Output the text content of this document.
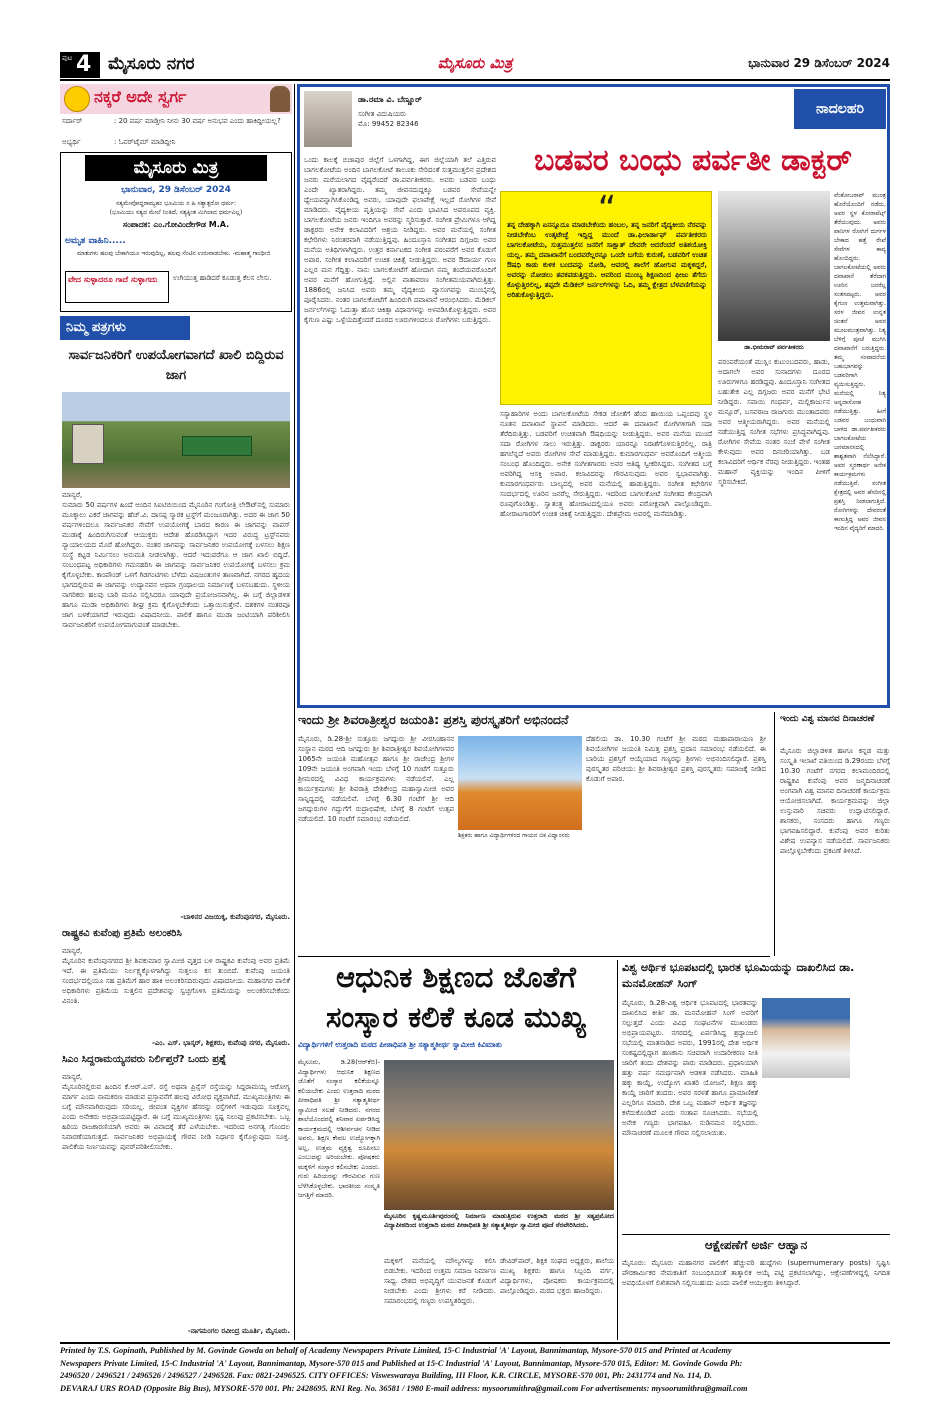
ಪುಟ 4 ಮೈಸೂರು ನಗರ	ಮೈಸೂರು ಮಿತ್ರ	ಭಾನುವಾರ 29 ಡಿಸೆಂಬರ್ 2024
ನಕ್ಕರೆ ಅದೇ ಸ್ವರ್ಗ
ಸರ್ದಾರ್	: 20 ವರ್ಷ ಮಾಡ್ತೀನಿ ನೀನು 30 ವರ್ಷ ಅನುಭವ ಎಂದು ಹಾಕಿದ್ದೀಯಲ್ಲ?
ಅಭ್ಯರ್ಥಿ	: ಓವರ್‌ಟೈಮ್ ಮಾಡಿದ್ದೀನಿ
ಮೈಸೂರು ಮಿತ್ರ
ಭಾನುವಾರ, 29 ಡಿಸೆಂಬರ್ 2024
ಸತ್ಯಮೇವೋದ್ಧರಾಮ್ಯಹಂ ಭೂಮಿಯ ನ ಹಿ ಸತ್ಯಾತ್ಪರೋ ಧರ್ಮ:
(ಭೂಮಿಯು ಸತ್ಯದ ಮೇಲೆ ನಿಂತಿದೆ, ಸತ್ಯಕ್ಕಿಂತ ಮಿಗಿಲಾದ ಧರ್ಮವಿಲ್ಲ)
ಸಂಪಾದಕ: ಎಂ.ಗೋವಿಂದೇಗೌಡ M.A.
ಅಮೃತ ವಾಹಿನಿ.....
ಮಾತುಗಳು ಹಲವು ಬೇಕಾಗಿಯೂ ಇರುವುದಿಲ್ಲ, ಹಲವು ಸೆಂಟಿನ ಉರುವಾಡಬೇಕು. -ಮಹಾತ್ಮ ಗಾಂಧೀಜಿ
ವೇದ ಸುಳ್ಳಾದರೂ ಗಾದೆ ಸುಳ್ಳಾಗದು	ಉಗಿಯುತ್ತ ಹಾಡಿದರೆ ಕೂಡುತ್ತ ಕೆಲಸ ಲೇಸು.
ನಿಮ್ಮ ಪತ್ರಗಳು
ಸಾರ್ವಜನಿಕರಿಗೆ ಉಪಯೋಗವಾಗದೆ ಖಾಲಿ ಬಿದ್ದಿರುವ ಜಾಗ
ಮಾನ್ಯರೆ,
ಸುಮಾರು 50 ವರ್ಷಗಳ ಹಿಂದೆ ಅಂದಿನ ಸಿಐಟಿಬಿಯಿಂದ ಮೈಸೂರಿನ ಗಂಗೋತ್ರಿ ಲೇಔಟ್‌ನಲ್ಲಿ ಸುಮಾರು ಮೂಕ್ಕಾಲು ಎಕರೆ ಜಾಗವನ್ನು ಹೆಚ್.ವಿ. ದಾಸಪ್ಪ ಸ್ಮಾರಕ ಟ್ರಸ್ಟ್‌ಗೆ ಮಂಜೂರಾಗಿತ್ತು. ಅದರ ಈ ಜಾಗ 50 ವರ್ಷಗಳಿಂದಲೂ ಸಾರ್ವಜನಿಕರ ಸೇವೆಗೆ ಉಪಯೋಗಕ್ಕೆ ಬಾರದ ಕಾರಣ ಈ ಜಾಗವನ್ನು ವಾಪಸ್ ಮುಡಾಕ್ಕೆ ಹಿಂದಿರುಗಿಸುವಂತೆ ಆಯುಕ್ತರು ಆದೇಶ ಹೊರಡಿಸಿದ್ದಾಗ ಇದರ ವಿರುದ್ಧ ಟ್ರಸ್ಟ್‌ನವರು ನ್ಯಾಯಾಲಯದ ಮೊರೆ ಹೋಗಿದ್ದರು. ನಂತರ ಜಾಗವನ್ನು ಸಾರ್ವಜನಿಕರ ಉಪಯೋಗಕ್ಕೆ ಬಳಸಲು ಶಿಕ್ಷಣ ಸಂಸ್ಥೆ ಕಟ್ಟಡ ನಿರ್ಮಿಸಲು ಅನುಮತಿ ನೀಡಲಾಗಿತ್ತು. ಆದರೆ ಇದುವರೆಗೂ ಆ ಜಾಗ ಖಾಲಿ ಬಿದ್ದಿದೆ. ಸಂಬಂಧಪಟ್ಟ ಅಧಿಕಾರಿಗಳು ಗಮನಹರಿಸಿ ಈ ಜಾಗವನ್ನು ಸಾರ್ವಜನಿಕರ ಉಪಯೋಗಕ್ಕೆ ಬಳಸಲು ಕ್ರಮ ಕೈಗೊಳ್ಳಬೇಕು. ಕಾಂಪೌಂಡ್ ಒಳಗೆ ಗಿಡಗಂಟಿಗಳು ಬೆಳೆದು ವಿಷಜಂತುಗಳ ತಾಣವಾಗಿದೆ. ನಗರದ ಹೃದಯ ಭಾಗದಲ್ಲಿರುವ ಈ ಜಾಗವನ್ನು ಉದ್ಯಾನವನ ಅಥವಾ ಗ್ರಂಥಾಲಯ ನಿರ್ಮಾಣಕ್ಕೆ ಬಳಸಬಹುದು. ಸ್ಥಳೀಯ ನಾಗರಿಕರು ಹಲವು ಬಾರಿ ಮನವಿ ಸಲ್ಲಿಸಿದರೂ ಯಾವುದೇ ಪ್ರಯೋಜನವಾಗಿಲ್ಲ. ಈ ಬಗ್ಗೆ ಜಿಲ್ಲಾಡಳಿತ ಹಾಗೂ ಮುಡಾ ಅಧಿಕಾರಿಗಳು ಶೀಘ್ರ ಕ್ರಮ ಕೈಗೊಳ್ಳಬೇಕೆಂದು ಒತ್ತಾಯಿಸುತ್ತೇನೆ. ದಶಕಗಳ ನಂತರವೂ ಜಾಗ ಬಳಕೆಯಾಗದೆ ಇರುವುದು ವಿಷಾದನೀಯ. ಪಾಲಿಕೆ ಹಾಗೂ ಮುಡಾ ಜಂಟಿಯಾಗಿ ಪರಿಶೀಲಿಸಿ ಸಾರ್ವಜನಿಕರಿಗೆ ಉಪಯೋಗವಾಗುವಂತೆ ಮಾಡಬೇಕು.
-ಬಾಳಿನರ ವಿಜಯಿಕ್ಕ, ಕುವೆಂಪುನಗರ, ಮೈಸೂರು.
ರಾಷ್ಟ್ರಕವಿ ಕುವೆಂಪು ಪ್ರತಿಮೆ ಅಲಂಕರಿಸಿ
ಮಾನ್ಯರೆ,
ಮೈಸೂರಿನ ಕುವೆಂಪುನಗರದ ಶ್ರೀ ಶಿವಕುಮಾರ ಸ್ವಾಮೀಜಿ ವೃತ್ತದ ಬಳಿ ರಾಷ್ಟ್ರಕವಿ ಕುವೆಂಪು ಅವರ ಪ್ರತಿಮೆ ಇದೆ. ಈ ಪ್ರತಿಮೆಯು ನಿರ್ಲಕ್ಷ್ಯಕ್ಕೊಳಗಾಗಿದ್ದು ಸುತ್ತಲೂ ಕಸ ತುಂಬಿದೆ. ಕುವೆಂಪು ಜಯಂತಿ ಸಂದರ್ಭದಲ್ಲಿಯೂ ಸಹ ಪ್ರತಿಮೆಗೆ ಹಾರ ಹಾಕಿ ಅಲಂಕರಿಸದಿರುವುದು ವಿಷಾದನೀಯ. ಮಹಾನಗರ ಪಾಲಿಕೆ ಅಧಿಕಾರಿಗಳು ಪ್ರತಿಮೆಯ ಸುತ್ತಲಿನ ಪ್ರದೇಶವನ್ನು ಸ್ವಚ್ಛಗೊಳಿಸಿ ಪ್ರತಿಮೆಯನ್ನು ಅಲಂಕರಿಸಬೇಕೆಂದು ವಿನಂತಿ.
-ಎಂ. ಎಸ್. ಭಾಸ್ಕರ್, ಶಿಕ್ಷಕರು, ಕುವೆಂಪು ನಗರ, ಮೈಸೂರು.
ಸಿಎಂ ಸಿದ್ದರಾಮಯ್ಯನವರು ನಿರ್ಲಿಪ್ತರೆ? ಒಂದು ಪ್ರಶ್ನೆ
ಮಾನ್ಯರೆ,
ಮೈಸೂರಿನಲ್ಲಿರುವ ಹಿಂದಿನ ಕೆ.ಆರ್.ಎಸ್. ರಸ್ತೆ ಅಥವಾ ಪ್ರಿನ್ಸೆಸ್ ರಸ್ತೆಯನ್ನು ಸಿದ್ದರಾಮಯ್ಯ ಆರೋಗ್ಯ ಮಾರ್ಗ ಎಂದು ನಾಮಕರಣ ಮಾಡುವ ಪ್ರಸ್ತಾವನೆಗೆ ಹಲವು ವಿರೋಧ ವ್ಯಕ್ತವಾಗಿದೆ. ಮುಖ್ಯಮಂತ್ರಿಗಳು ಈ ಬಗ್ಗೆ ಮೌನವಾಗಿರುವುದು ಸರಿಯಲ್ಲ. ಜೀವಂತ ವ್ಯಕ್ತಿಗಳ ಹೆಸರನ್ನು ರಸ್ತೆಗಳಿಗೆ ಇಡುವುದು ಸೂಕ್ತವಲ್ಲ ಎಂದು ಅನೇಕರು ಅಭಿಪ್ರಾಯಪಟ್ಟಿದ್ದಾರೆ. ಈ ಬಗ್ಗೆ ಮುಖ್ಯಮಂತ್ರಿಗಳು ಸ್ಪಷ್ಟ ನಿಲುವು ಪ್ರಕಟಿಸಬೇಕು. ಒಬ್ಬ ಹಿರಿಯ ರಾಜಕಾರಣಿಯಾಗಿ ಅವರು ಈ ವಿವಾದಕ್ಕೆ ತೆರೆ ಎಳೆಯಬೇಕು. ಇದರಿಂದ ಅನಗತ್ಯ ಗೊಂದಲ ನಿವಾರಣೆಯಾಗುತ್ತದೆ. ಸಾರ್ವಜನಿಕರ ಅಭಿಪ್ರಾಯಕ್ಕೆ ಗೌರವ ನೀಡಿ ನಿರ್ಧಾರ ಕೈಗೊಳ್ಳುವುದು ಸೂಕ್ತ. ಪಾಲಿಕೆಯ ನಿರ್ಣಯವನ್ನು ಪುನರ್‌ಪರಿಶೀಲಿಸಬೇಕು.
-ನಾಗಮಂಗಲ ರವೀಂದ್ರ ಮೂರ್ತಿ, ಮೈಸೂರು.
ಡಾ.ರಮಾ ವಿ. ಬೆಣ್ಣೂರ್
ಸಂಗೀತ ವಿದುಷಿಯರು
ಮೊ: 99452 82346
ನಾದಲಹರಿ
ಬಡವರ ಬಂಧು ಪರ್ವತೀ ಡಾಕ್ಟರ್
ಒಂದು ಕಾಲಕ್ಕೆ ಬಿಜಾಪುರ ಜಿಲ್ಲೆಗೆ ಒಳಗಾಗಿದ್ದ, ಈಗ ಜಿಲ್ಲೆಯಾಗಿ ತಲೆ ಎತ್ತಿರುವ ಬಾಗಲಕೋಟೆಯ ಅಂದಿನ ಬಾಗಲಕೋಟೆ ತಾಲೂಕು ಸೇರಿದಂತೆ ಸುತ್ತಮುತ್ತಲಿನ ಪ್ರದೇಶದ ಜನರು ಮರೆಯಲಾಗದ ವೈದ್ಯರೆಂದರೆ ಡಾ.ಪರ್ವತೀಕರರು. ಅವರು ಬಡವರ ಬಂಧು ಎಂದೇ ಖ್ಯಾತರಾಗಿದ್ದರು. ತಮ್ಮ ಜೀವನದುದ್ದಕ್ಕೂ ಬಡವರ ಸೇವೆಯನ್ನೇ ಧ್ಯೇಯವನ್ನಾಗಿಸಿಕೊಂಡಿದ್ದ ಅವರು, ಯಾವುದೇ ಫಲಾಪೇಕ್ಷೆ ಇಲ್ಲದೆ ರೋಗಿಗಳ ಸೇವೆ ಮಾಡಿದರು. ವೈದ್ಯಕೀಯ ವೃತ್ತಿಯನ್ನು ಸೇವೆ ಎಂದು ಭಾವಿಸಿದ ಅಪರೂಪದ ವ್ಯಕ್ತಿ. ಬಾಗಲಕೋಟೆಯ ಜನರು ಇಂದಿಗೂ ಅವರನ್ನು ಸ್ಮರಿಸುತ್ತಾರೆ. ಸಂಗೀತ ಪ್ರೇಮಿಗಳೂ ಆಗಿದ್ದ ಡಾಕ್ಟರರು ಅನೇಕ ಕಲಾವಿದರಿಗೆ ಆಶ್ರಯ ನೀಡಿದ್ದರು. ಅವರ ಮನೆಯಲ್ಲಿ ಸಂಗೀತ ಕಛೇರಿಗಳು ನಿರಂತರವಾಗಿ ನಡೆಯುತ್ತಿದ್ದವು. ಹಿಂದೂಸ್ತಾನಿ ಸಂಗೀತದ ದಿಗ್ಗಜರು ಅವರ ಮನೆಯ ಅತಿಥಿಗಳಾಗಿದ್ದರು. ಉತ್ತರ ಕರ್ನಾಟಕದ ಸಂಗೀತ ಪರಂಪರೆಗೆ ಅವರ ಕೊಡುಗೆ ಅಪಾರ. ಸಂಗೀತ ಕಲಾವಿದರಿಗೆ ಉಚಿತ ಚಿಕಿತ್ಸೆ ನೀಡುತ್ತಿದ್ದರು. ಅವರ ಔದಾರ್ಯ ಗುಣ ಎಲ್ಲರ ಮನ ಗೆದ್ದಿತ್ತು. ನಾನು ಬಾಗಲಕೋಟೆಗೆ ಹೋದಾಗ ನಮ್ಮ ತಂದೆಯವರೊಂದಿಗೆ ಅವರ ಮನೆಗೆ ಹೋಗುತ್ತಿದ್ದೆ. ಅಲ್ಲಿನ ವಾತಾವರಣ ಸಂಗೀತಮಯವಾಗಿರುತ್ತಿತ್ತು. 1886ರಲ್ಲಿ ಜನಿಸಿದ ಅವರು ತಮ್ಮ ವೈದ್ಯಕೀಯ ವ್ಯಾಸಂಗವನ್ನು ಮುಂಬೈನಲ್ಲಿ ಪೂರೈಸಿದರು. ನಂತರ ಬಾಗಲಕೋಟೆಗೆ ಹಿಂದಿರುಗಿ ದವಾಖಾನೆ ಆರಂಭಿಸಿದರು. ಮೆಡಿಕಲ್ ಜರ್ನಲ್‌ಗಳನ್ನು ಓದುತ್ತಾ ಹೊಸ ಚಿಕಿತ್ಸಾ ವಿಧಾನಗಳನ್ನು ಅಳವಡಿಸಿಕೊಳ್ಳುತ್ತಿದ್ದರು. ಅವರ ಕೈಗುಣ ಎಷ್ಟು ಒಳ್ಳೆಯದಿತ್ತೆಂದರೆ ದೂರದ ಊರುಗಳಿಂದಲೂ ರೋಗಿಗಳು ಬರುತ್ತಿದ್ದರು.
“
ತನ್ನ ದೇಹಕ್ಕಾಗಿ ಏನನ್ನೂದೂ ಮಾಡಬೇಕೆಂದು ಹಂಬಲ, ತನ್ನ ಜನರಿಗೆ ವೈದ್ಯಕೀಯ ನೆರವನ್ನು ನೀಡಬೇಕೆಂಬ ಉತ್ಕಟೇಚ್ಛೆ ಇದ್ದಿದ್ದ ಮುಂದೆ ಡಾ.ಫಿಲಾರ್ಡಾಫ್ ಪರ್ವತೀಕರರು ಬಾಗಲಕೋಟೆಯ, ಸುತ್ತಮುತ್ತಲಿನ ಜನರಿಗೆ ಸಾಕ್ಷಾತ್ ದೇವರೇ ಆದರೆಂದರೆ ಅತಿಶಯೋಕ್ತಿ ಯಲ್ಲ. ತಮ್ಮ ದವಾಖಾನೆಗೆ ಬಂದವರೆಲ್ಲರನ್ನೂ ಒಂದೇ ಬಗೆಯ ಕುರುಣೆ, ಬಡವರಿಗೆ ಉಚಿತ ಔಷಧಿ ಕಾಡು ಕುಳಿಕ ಬಂದವನ್ನು ನೋಡಿ, ಆವರಲ್ಲಿ ಶಾಲೆಗೆ ಹೋಗುವ ಮಕ್ಕಳಿದ್ದರೆ, ಅವರನ್ನು ನೋಡಲು ತವಕಪಡುತ್ತಿದ್ದರು. ಆವರಿಂದ ಮುಂಬ್ಯ ಶಿಕ್ಷಣದಿಂದ ಫೀಜು ತೆಗೆದು ಕೊಳ್ಳುತ್ತಿರಲಿಲ್ಲ, ತಪ್ಪದೇ ಮೆಡಿಕಲ್ ಜರ್ನಲ್‌ಗಳನ್ನು ಓದಿ, ತಮ್ಮ ಕ್ಷೇತ್ರದ ಬೆಳವಣಿಗೆಯನ್ನು ಅರಿತುಕೊಳ್ಳುತ್ತಿದ್ದರು.
ಡಾ.ಭೀಮರಾವ್ ಪರ್ವತೀಕರರು
ವೆಂಕೋಬರಾವ್ ಮುಂತ್ರ ಹೊರೆಯೊಂದಿಗೆ ನಡೆದು, ಅವರ ಸ್ಥಳ ಕೋರಾಪೆಟ್ಸ್ ತೆರೆಯುವುದು. ಅವರು ಪಾನಿಗಳ ರೋಗಿಗೆ ದುರ್ಗಳ ಬೇಕಾದ ಹತ್ತೆ ರೇಖೆ ಸೇವೆಗಳ ಕಾವ್ಯ ಹೊಂದಿದ್ದರು. ಬಾಗಲಕೋಟೆಯಲ್ಲಿ ಅವರು ದವಾಖಾನೆ ತೆರೆದಾಗ ಊರಿನ ಜನರೆಲ್ಲ ಸಂತಸಪಟ್ಟರು. ಅವರ ಕೈಗುಣ ಉತ್ತಮವಾಗಿತ್ತು. ಸರಳ ಜೀವನ ಉನ್ನತ ಚಿಂತನೆ ಅವರ ಮೂಲಮಂತ್ರವಾಗಿತ್ತು. ನಿತ್ಯ ಬೆಳಿಗ್ಗೆ ಪೂಜೆ ಮುಗಿಸಿ ದವಾಖಾನೆಗೆ ಬರುತ್ತಿದ್ದರು. ತಮ್ಮ ಸಂಪಾದನೆಯ ಬಹುಭಾಗವನ್ನು ಬಡವರಿಗಾಗಿ ವ್ಯಯಿಸುತ್ತಿದ್ದರು. ಮನೆಯಲ್ಲಿ ನಿತ್ಯ ಅನ್ನದಾಸೋಹ ನಡೆಯುತ್ತಿತ್ತು. ಹೀಗೆ ಬಡವರ ಬಂಧುವಾಗಿ ಬಾಳಿದ ಡಾ.ಪರ್ವತೀಕರರು ಬಾಗಲಕೋಟೆಯ ಜನಮಾನಸದಲ್ಲಿ ಶಾಶ್ವತವಾಗಿ ನೆಲೆಸಿದ್ದಾರೆ. ಅವರ ಸ್ಮರಣಾರ್ಥ ಅನೇಕ ಕಾರ್ಯಕ್ರಮಗಳು ನಡೆಯುತ್ತಿವೆ. ಸಂಗೀತ ಕ್ಷೇತ್ರದಲ್ಲಿ ಅವರ ಹೆಸರಿನಲ್ಲಿ ಪ್ರಶಸ್ತಿ ನೀಡಲಾಗುತ್ತಿದೆ. ರೋಗಿಗಳನ್ನು ದೇವರಂತೆ ಕಾಣುತ್ತಿದ್ದ ಅವರ ಜೀವನ ಇಂದಿನ ವೈದ್ಯರಿಗೆ ಮಾದರಿ.
ಸಸ್ಯಾಹಾರಿಗಳ ಅಂದು ಬಾಗಲಕೋಟೆಯ ಸೇಕಡ ಜೋತೆಗೆ ಹೆಂದ ಹಾಯಿಯ ಒಪ್ಪಂದವು ಸ್ಥಳ ನೂತನ ದವಾಖಾನೆ ಸ್ಥಾಪನೆ ಮಾಡಿದರು. ಆದರೆ ಈ ದವಾಖಾನೆ ರೋಗಿಗಳಿಗಾಗಿ ಸದಾ ತೆರೆದಿರುತ್ತಿತ್ತು. ಬಡವರಿಗೆ ಉಚಿತವಾಗಿ ಔಷಧಿಯನ್ನು ನೀಡುತ್ತಿದ್ದರು. ಅವರ ಮನೆಯ ಮುಂದೆ ಸದಾ ರೋಗಿಗಳ ಸಾಲು ಇರುತ್ತಿತ್ತು. ಡಾಕ್ಟರರು ಯಾರನ್ನೂ ನಿರಾಶೆಗೊಳಿಸುತ್ತಿರಲಿಲ್ಲ. ರಾತ್ರಿ ಹಗಲೆನ್ನದೆ ಅವರು ರೋಗಿಗಳ ಸೇವೆ ಮಾಡುತ್ತಿದ್ದರು. ಕುಮಾರಗಂಧರ್ವ ಅವರೊಂದಿಗೆ ಆತ್ಮೀಯ ಸಂಬಂಧ ಹೊಂದಿದ್ದರು. ಅನೇಕ ಸಂಗೀತಗಾರರು ಅವರ ಆತಿಥ್ಯ ಸ್ವೀಕರಿಸಿದ್ದರು. ಸಂಗೀತದ ಬಗ್ಗೆ ಅವರಿಗಿದ್ದ ಆಸಕ್ತಿ ಅಪಾರ. ಕಲಾವಿದರನ್ನು ಗೌರವಿಸುವುದು ಅವರ ಸ್ವಭಾವವಾಗಿತ್ತು. ಕುಮಾರಗಂಧರ್ವರು ಬಾಲ್ಯದಲ್ಲಿ ಅವರ ಮನೆಯಲ್ಲಿ ಹಾಡುತ್ತಿದ್ದರು. ಸಂಗೀತ ಕಛೇರಿಗಳ ಸಂದರ್ಭದಲ್ಲಿ ಊರಿನ ಜನರೆಲ್ಲ ಸೇರುತ್ತಿದ್ದರು. ಇದರಿಂದ ಬಾಗಲಕೋಟೆ ಸಂಗೀತದ ಕೇಂದ್ರವಾಗಿ ರೂಪುಗೊಂಡಿತ್ತು. ಸ್ವಾತಂತ್ರ್ಯ ಹೋರಾಟದಲ್ಲಿಯೂ ಅವರು ಪರೋಕ್ಷವಾಗಿ ಪಾಲ್ಗೊಂಡಿದ್ದರು. ಹೋರಾಟಗಾರರಿಗೆ ಉಚಿತ ಚಿಕಿತ್ಸೆ ನೀಡುತ್ತಿದ್ದರು. ದೇಶಪ್ರೇಮ ಅವರಲ್ಲಿ ಮನೆಮಾಡಿತ್ತು.
ಪರಂಪರೆಯಂತೆ ಮುಸ್ಲಿಂ ಕುಟುಂಬದವರು, ಹಾಡು, ಅದಾಗಲೇ ಅವರ ಸುನಾದಗಳು ದೂರದ ಊರುಗಳಿಗೂ ಹರಡಿದ್ದವು. ಹಿಂದೂಸ್ತಾನಿ ಸಂಗೀತದ ಬಹುತೇಕ ಎಲ್ಲ ದಿಗ್ಗಜರು ಅವರ ಮನೆಗೆ ಭೇಟಿ ನೀಡಿದ್ದರು. ಸವಾಯಿ ಗಂಧರ್ವ, ಮಲ್ಲಿಕಾರ್ಜುನ ಮನ್ಸೂರ್, ಬಸವರಾಜ ರಾಜಗುರು ಮುಂತಾದವರು ಅವರ ಆತ್ಮೀಯರಾಗಿದ್ದರು. ಅವರ ಮನೆಯಲ್ಲಿ ನಡೆಯುತ್ತಿದ್ದ ಸಂಗೀತ ಸಭೆಗಳು ಪ್ರಸಿದ್ಧವಾಗಿದ್ದವು. ರೋಗಿಗಳ ಸೇವೆಯ ನಂತರ ಸಂಜೆ ವೇಳೆ ಸಂಗೀತ ಕೇಳುವುದು ಅವರ ದಿನಚರಿಯಾಗಿತ್ತು. ಬಡ ಕಲಾವಿದರಿಗೆ ಆರ್ಥಿಕ ನೆರವು ನೀಡುತ್ತಿದ್ದರು. ಇಂತಹ ಮಹಾನ್ ವ್ಯಕ್ತಿಯನ್ನು ಇಂದಿನ ಪೀಳಿಗೆ ಸ್ಮರಿಸಬೇಕಿದೆ.
ಇಂದು ಶ್ರೀ ಶಿವರಾತ್ರೀಶ್ವರ ಜಯಂತಿ: ಪ್ರಶಸ್ತಿ ಪುರಸ್ಕೃತರಿಗೆ ಅಭಿನಂದನೆ
ಮೈಸೂರು, ಡಿ.28-ಶ್ರೀ ಸುತ್ತೂರು ಜಗದ್ಗುರು ಶ್ರೀ ವೀರಸಿಂಹಾಸನ ಸಂಸ್ಥಾನ ಮಠದ ಆದಿ ಜಗದ್ಗುರು ಶ್ರೀ ಶಿವರಾತ್ರೀಶ್ವರ ಶಿವಯೋಗಿಗಳವರ 1065ನೇ ಜಯಂತಿ ಮಹೋತ್ಸವ ಹಾಗೂ ಶ್ರೀ ರಾಜೇಂದ್ರ ಶ್ರೀಗಳ 109ನೇ ಜಯಂತಿ ಅಂಗವಾಗಿ ಇಂದು ಬೆಳಗ್ಗೆ 10 ಗಂಟೆಗೆ ಸುತ್ತೂರು ಶ್ರೀಮಠದಲ್ಲಿ ವಿವಿಧ ಕಾರ್ಯಕ್ರಮಗಳು ನಡೆಯಲಿವೆ. ಎಲ್ಲ ಕಾರ್ಯಕ್ರಮಗಳು ಶ್ರೀ ಶಿವರಾತ್ರಿ ದೇಶಿಕೇಂದ್ರ ಮಹಾಸ್ವಾಮೀಜಿ ಅವರ ಸಾನ್ನಿಧ್ಯದಲ್ಲಿ ನಡೆಯಲಿವೆ. ಬೆಳಗ್ಗೆ 6.30 ಗಂಟೆಗೆ ಶ್ರೀ ಆದಿ ಜಗದ್ಗುರುಗಳ ಗದ್ದುಗೆಗೆ ರುದ್ರಾಭಿಷೇಕ, ಬೆಳಗ್ಗೆ 8 ಗಂಟೆಗೆ ಉತ್ಸವ ನಡೆಯಲಿದೆ. 10 ಗಂಟೆಗೆ ಸಮಾರಂಭ ನಡೆಯಲಿದೆ.
ಶಿಕ್ಷಕರು ಹಾಗೂ ವಿದ್ಯಾರ್ಥಿಗಳಿಂದ ಗಾಯನ ಬಿಕ ವಿದ್ವಾಂಸರು
ದೆಹಲಿಯ ಡಾ. 10.30 ಗಂಟೆಗೆ ಶ್ರೀ ಮಠದ ಮಹಾಪಾರಾಯಣ ಶ್ರೀ ಶಿವಯೋಗಿಗಳ ಜಯಂತಿ ನಿಮಿತ್ತ ಪ್ರಶಸ್ತಿ ಪ್ರದಾನ ಸಮಾರಂಭ ನಡೆಯಲಿದೆ. ಈ ಬಾರಿಯ ಪ್ರಶಸ್ತಿಗೆ ಆಯ್ಕೆಯಾದ ಗಣ್ಯರನ್ನು ಶ್ರೀಗಳು ಅಭಿನಂದಿಸಲಿದ್ದಾರೆ. ಪ್ರಶಸ್ತಿ ಪುರಸ್ಕೃತರ ಪರಿಚಯ: ಶ್ರೀ ಶಿವರಾತ್ರೀಶ್ವರ ಪ್ರಶಸ್ತಿ ಪುರಸ್ಕೃತರು ಸಮಾಜಕ್ಕೆ ನೀಡಿದ ಕೊಡುಗೆ ಅಪಾರ.
ಇಂದು ವಿಶ್ವ ಮಾನವ ದಿನಾಚರಣೆ
ಮೈಸೂರು ಜಿಲ್ಲಾಡಳಿತ ಹಾಗೂ ಕನ್ನಡ ಮತ್ತು ಸಂಸ್ಕೃತಿ ಇಲಾಖೆ ವತಿಯಿಂದ ಡಿ.29ರಂದು ಬೆಳಗ್ಗೆ 10.30 ಗಂಟೆಗೆ ನಗರದ ಕಲಾಮಂದಿರದಲ್ಲಿ ರಾಷ್ಟ್ರಕವಿ ಕುವೆಂಪು ಅವರ ಜನ್ಮದಿನಾಚರಣೆ ಅಂಗವಾಗಿ ವಿಶ್ವ ಮಾನವ ದಿನಾಚರಣೆ ಕಾರ್ಯಕ್ರಮ ಆಯೋಜಿಸಲಾಗಿದೆ. ಕಾರ್ಯಕ್ರಮವನ್ನು ಜಿಲ್ಲಾ ಉಸ್ತುವಾರಿ ಸಚಿವರು ಉದ್ಘಾಟಿಸಲಿದ್ದಾರೆ. ಶಾಸಕರು, ಸಂಸದರು ಹಾಗೂ ಗಣ್ಯರು ಭಾಗವಹಿಸಲಿದ್ದಾರೆ. ಕುವೆಂಪು ಅವರ ಕುರಿತು ವಿಶೇಷ ಉಪನ್ಯಾಸ ನಡೆಯಲಿದೆ. ಸಾರ್ವಜನಿಕರು ಪಾಲ್ಗೊಳ್ಳಬೇಕೆಂದು ಪ್ರಕಟಣೆ ತಿಳಿಸಿದೆ.
ಆಧುನಿಕ ಶಿಕ್ಷಣದ ಜೊತೆಗೆ
ಸಂಸ್ಕಾರ ಕಲಿಕೆ ಕೂಡ ಮುಖ್ಯ
ವಿದ್ಯಾರ್ಥಿಗಳಿಗೆ ಉತ್ತರಾದಿ ಮಠದ ಪೀಠಾಧಿಪತಿ ಶ್ರೀ ಸತ್ಯಾತ್ಮತೀರ್ಥ ಸ್ವಾಮೀಜಿ ಕಿವಿಮಾತು
ಮೈಸೂರು, ಡಿ.28(ಆರ್‌ಕೆಬಿ)- ವಿದ್ಯಾರ್ಥಿಗಳು ಆಧುನಿಕ ಶಿಕ್ಷಣದ ಜೊತೆಗೆ ಸಂಸ್ಕಾರ ಕಲಿಕೆಯನ್ನೂ ಕಲಿಯಬೇಕು ಎಂದು ಉತ್ತರಾದಿ ಮಠದ ಪೀಠಾಧಿಪತಿ ಶ್ರೀ ಸತ್ಯಾತ್ಮತೀರ್ಥ ಸ್ವಾಮೀಜಿ ಸಲಹೆ ನೀಡಿದರು. ನಗರದ ಶಾಲೆಯೊಂದರಲ್ಲಿ ಶನಿವಾರ ಏರ್ಪಡಿಸಿದ್ದ ಕಾರ್ಯಕ್ರಮದಲ್ಲಿ ಆಶೀರ್ವಚನ ನೀಡಿದ ಅವರು, ಶಿಕ್ಷಣ ಕೇವಲ ಉದ್ಯೋಗಕ್ಕಾಗಿ ಅಲ್ಲ, ಉತ್ತಮ ವ್ಯಕ್ತಿತ್ವ ರೂಪಿಸಲು ಎಂಬುದನ್ನು ಅರಿಯಬೇಕು. ಪೋಷಕರು ಮಕ್ಕಳಿಗೆ ಸಂಸ್ಕಾರ ಕಲಿಸಬೇಕು ಎಂದರು. ಗುರು ಹಿರಿಯರನ್ನು ಗೌರವಿಸುವ ಗುಣ ಬೆಳೆಸಿಕೊಳ್ಳಬೇಕು. ಭಾರತೀಯ ಸಂಸ್ಕೃತಿ ಜಗತ್ತಿಗೆ ಮಾದರಿ.
ಮೈಸೂರಿನ ಕೃಷ್ಣಮೂರ್ತಿಪುರಂನಲ್ಲಿ ನಿರ್ಮಾಣ ಮಾಡುತ್ತಿರುವ ಉತ್ತರಾದಿ ಮಠದ ಶ್ರೀ ಸತ್ಯಪ್ರಮೋದ ವಿದ್ಯಾಪೀಠದಿಂದ ಉತ್ತರಾದಿ ಮಠದ ಪೀಠಾಧಿಪತಿ ಶ್ರೀ ಸತ್ಯಾತ್ಮತೀರ್ಥ ಸ್ವಾಮೀಜಿ ಪೂಜೆ ನೆರವೇರಿಸಿದರು.
ಮಕ್ಕಳಿಗೆ ಮನೆಯಲ್ಲಿ ಮೌಲ್ಯಗಳನ್ನು ಕಲಿಸಿ ಬಿಡಬೇಕು. ಇದರಿಂದ ಉತ್ತಮ ಸಮಾಜ ನಿರ್ಮಾಣ ಸಾಧ್ಯ. ದೇಶದ ಅಭಿವೃದ್ಧಿಗೆ ಯುವಜನತೆ ಕೊಡುಗೆ ನೀಡಬೇಕು ಎಂದು ಶ್ರೀಗಳು ಕರೆ ನೀಡಿದರು. ಸಮಾರಂಭದಲ್ಲಿ ಗಣ್ಯರು ಉಪಸ್ಥಿತರಿದ್ದರು.
ಡೇವಿಡ್‌ಪಾರ್, ಶಿಕ್ಷಕ ಸಂಘದ ಅಧ್ಯಕ್ಷರು, ಶಾಲೆಯ ಮುಖ್ಯ ಶಿಕ್ಷಕರು ಹಾಗೂ ಸಿಬ್ಬಂದಿ ವರ್ಗ, ವಿದ್ಯಾರ್ಥಿಗಳು, ಪೋಷಕರು ಕಾರ್ಯಕ್ರಮದಲ್ಲಿ ಪಾಲ್ಗೊಂಡಿದ್ದರು. ಮಠದ ಭಕ್ತರು ಹಾಜರಿದ್ದರು.
ವಿಶ್ವ ಆರ್ಥಿಕ ಭೂಪಟದಲ್ಲಿ ಭಾರತ ಭೂಮಿಯನ್ನು ದಾಖಲಿಸಿದ ಡಾ. ಮನಮೋಹನ್ ಸಿಂಗ್
ಮೈಸೂರು, ಡಿ.28-ವಿಶ್ವ ಆರ್ಥಿಕ ಭೂಪಟದಲ್ಲಿ ಭಾರತವನ್ನು ದಾಖಲಿಸಿದ ಕೀರ್ತಿ ಡಾ. ಮನಮೋಹನ್ ಸಿಂಗ್ ಅವರಿಗೆ ಸಲ್ಲುತ್ತದೆ ಎಂದು ವಿವಿಧ ಸಂಘಟನೆಗಳ ಮುಖಂಡರು ಅಭಿಪ್ರಾಯಪಟ್ಟರು. ನಗರದಲ್ಲಿ ಏರ್ಪಡಿಸಿದ್ದ ಶ್ರದ್ಧಾಂಜಲಿ ಸಭೆಯಲ್ಲಿ ಮಾತನಾಡಿದ ಅವರು, 1991ರಲ್ಲಿ ದೇಶ ಆರ್ಥಿಕ ಸಂಕಷ್ಟದಲ್ಲಿದ್ದಾಗ ಹಣಕಾಸು ಸಚಿವರಾಗಿ ಉದಾರೀಕರಣ ನೀತಿ ಜಾರಿಗೆ ತಂದು ದೇಶವನ್ನು ಪಾರು ಮಾಡಿದರು. ಪ್ರಧಾನಿಯಾಗಿ ಹತ್ತು ವರ್ಷ ಸಮರ್ಥವಾಗಿ ಆಡಳಿತ ನಡೆಸಿದರು. ಮಾಹಿತಿ ಹಕ್ಕು ಕಾಯ್ದೆ, ಉದ್ಯೋಗ ಖಾತರಿ ಯೋಜನೆ, ಶಿಕ್ಷಣ ಹಕ್ಕು ಕಾಯ್ದೆ ಜಾರಿಗೆ ತಂದರು. ಅವರ ಸರಳತೆ ಹಾಗೂ ಪ್ರಾಮಾಣಿಕತೆ ಎಲ್ಲರಿಗೂ ಮಾದರಿ. ದೇಶ ಒಬ್ಬ ಮಹಾನ್ ಆರ್ಥಿಕ ತಜ್ಞನನ್ನು ಕಳೆದುಕೊಂಡಿದೆ ಎಂದು ಸಂತಾಪ ಸೂಚಿಸಿದರು. ಸಭೆಯಲ್ಲಿ ಅನೇಕ ಗಣ್ಯರು ಭಾಗವಹಿಸಿ ನುಡಿನಮನ ಸಲ್ಲಿಸಿದರು. ಮೌನಾಚರಣೆ ಮೂಲಕ ಗೌರವ ಸಲ್ಲಿಸಲಾಯಿತು.
ಆಕ್ಷೇಪಣೆಗೆ ಅರ್ಜಿ ಆಹ್ವಾನ
ಮೈಸೂರು: ಮೈಸೂರು ಮಹಾನಗರ ಪಾಲಿಕೆಗೆ ಹೆಚ್ಚುವರಿ ಹುದ್ದೆಗಳು (supernumerary posts) ಸೃಷ್ಟಿಸಿ ಪೌರಕಾರ್ಮಿಕರ ನೇಮಕಾತಿಗೆ ಸಂಬಂಧಿಸಿದಂತೆ ತಾತ್ಕಾಲಿಕ ಆಯ್ಕೆ ಪಟ್ಟಿ ಪ್ರಕಟಿಸಲಾಗಿದ್ದು, ಆಕ್ಷೇಪಣೆಗಳಿದ್ದಲ್ಲಿ ನಿಗದಿತ ಅವಧಿಯೊಳಗೆ ಲಿಖಿತವಾಗಿ ಸಲ್ಲಿಸಬಹುದು ಎಂದು ಪಾಲಿಕೆ ಆಯುಕ್ತರು ತಿಳಿಸಿದ್ದಾರೆ.
Printed by T.S. Gopinath, Published by M. Govinde Gowda on behalf of Academy Newspapers Private Limited, 15-C Industrial 'A' Layout, Bannimantap, Mysore-570 015 and Printed at Academy
Newspapers Private Limited, 15-C Industrial 'A' Layout, Bannimantap, Mysore-570 015 and Published at 15-C Industrial 'A' Layout, Bannimantap, Mysore-570 015, Editor: M. Govinde Gowda Ph:
2496520 / 2496521 / 2496526 / 2496527 / 2496528. Fax: 0821-2496525. CITY OFFICES: Visweswaraya Building, III Floor, K.R. CIRCLE, MYSORE-570 001, Ph: 2431774 and No. 114, D.
DEVARAJ URS ROAD (Opposite Big Bus), MYSORE-570 001. Ph: 2428695. RNI Reg. No. 36581 / 1980 E-mail address: mysoorumithra@gmail.com For advertisements: mysoorumithra@gmail.com
